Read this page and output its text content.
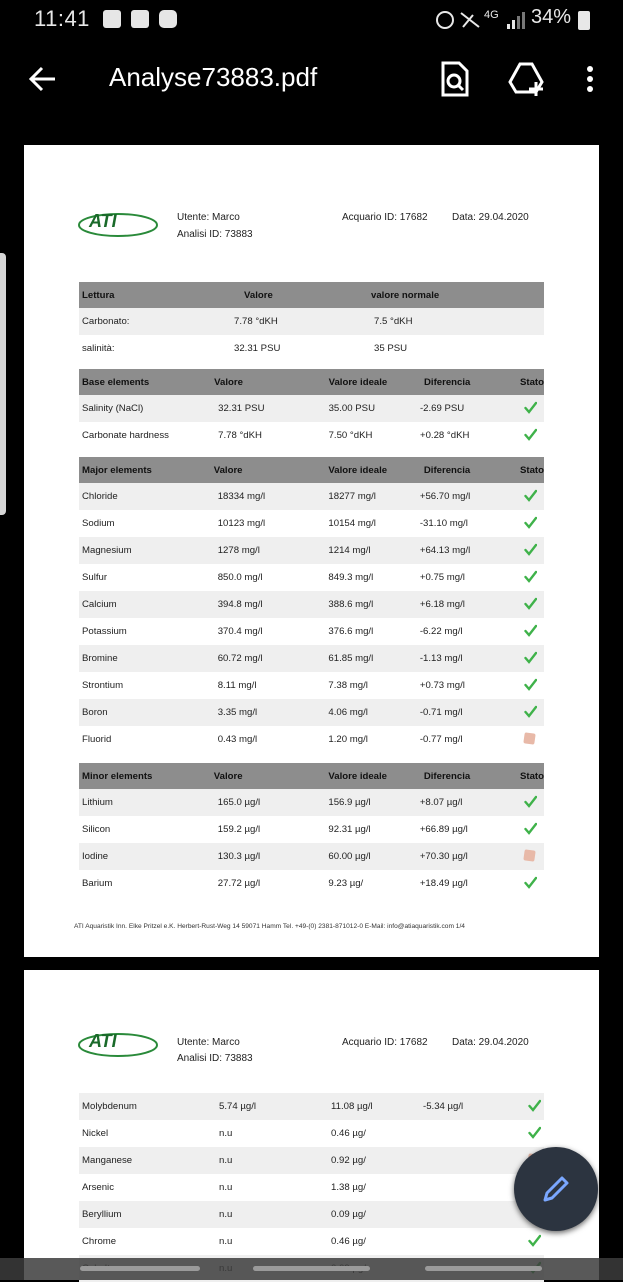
11:41	4G 34%
Analyse73883.pdf
ATI	Utente: Marco
Analisi ID: 73883
Acquario ID: 17682 Data: 29.04.2020
Lettura	Valore	valore normale
Carbonato:	7.78 °dKH	7.5 °dKH
salinità:	32.31 PSU	35 PSU
Base elements	Valore	Valore ideale	Diferencia	Stato
Salinity (NaCl)	32.31 PSU	35.00 PSU	-2.69 PSU	
Carbonate hardness	7.78 °dKH	7.50 °dKH	+0.28 °dKH	
Major elements	Valore	Valore ideale	Diferencia	Stato
Chloride	18334 mg/l	18277 mg/l	+56.70 mg/l	
Sodium	10123 mg/l	10154 mg/l	-31.10 mg/l	
Magnesium	1278 mg/l	1214 mg/l	+64.13 mg/l	
Sulfur	850.0 mg/l	849.3 mg/l	+0.75 mg/l	
Calcium	394.8 mg/l	388.6 mg/l	+6.18 mg/l	
Potassium	370.4 mg/l	376.6 mg/l	-6.22 mg/l	
Bromine	60.72 mg/l	61.85 mg/l	-1.13 mg/l	
Strontium	8.11 mg/l	7.38 mg/l	+0.73 mg/l	
Boron	3.35 mg/l	4.06 mg/l	-0.71 mg/l	
Fluorid	0.43 mg/l	1.20 mg/l	-0.77 mg/l	
Minor elements	Valore	Valore ideale	Diferencia	Stato
Lithium	165.0 µg/l	156.9 µg/l	+8.07 µg/l	
Silicon	159.2 µg/l	92.31 µg/l	+66.89 µg/l	
Iodine	130.3 µg/l	60.00 µg/l	+70.30 µg/l	
Barium	27.72 µg/l	9.23 µg/	+18.49 µg/l	
ATI Aquaristik Inn. Elke Pritzel e.K. Herbert-Rust-Weg 14 59071 Hamm Tel. +49-(0) 2381-871012-0 E-Mail: info@atiaquaristik.com 1/4
ATI	Utente: Marco
Analisi ID: 73883
Acquario ID: 17682 Data: 29.04.2020
Molybdenum	5.74 µg/l	11.08 µg/l	-5.34 µg/l	
Nickel	n.u	0.46 µg/		
Manganese	n.u	0.92 µg/		
Arsenic	n.u	1.38 µg/		
Beryllium	n.u	0.09 µg/		
Chrome	n.u	0.46 µg/		
